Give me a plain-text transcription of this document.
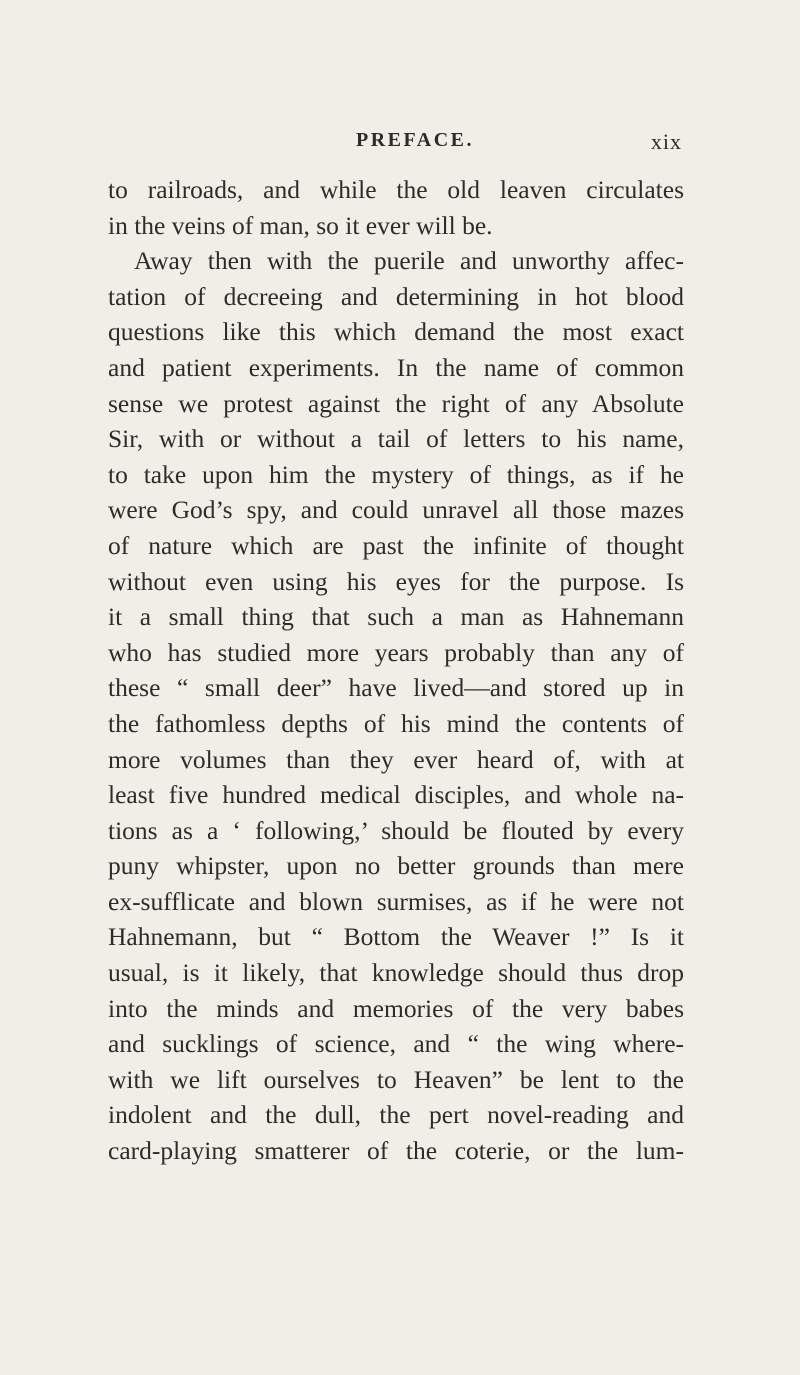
PREFACE.	xix
to railroads, and while the old leaven circulates
in the veins of man, so it ever will be.
Away then with the puerile and unworthy affec-
tation of decreeing and determining in hot blood
questions like this which demand the most exact
and patient experiments. In the name of common
sense we protest against the right of any Absolute
Sir, with or without a tail of letters to his name,
to take upon him the mystery of things, as if he
were God’s spy, and could unravel all those mazes
of nature which are past the infinite of thought
without even using his eyes for the purpose. Is
it a small thing that such a man as Hahnemann
who has studied more years probably than any of
these “ small deer” have lived—and stored up in
the fathomless depths of his mind the contents of
more volumes than they ever heard of, with at
least five hundred medical disciples, and whole na-
tions as a ‘ following,’ should be flouted by every
puny whipster, upon no better grounds than mere
ex-sufflicate and blown surmises, as if he were not
Hahnemann, but “ Bottom the Weaver !” Is it
usual, is it likely, that knowledge should thus drop
into the minds and memories of the very babes
and sucklings of science, and “ the wing where-
with we lift ourselves to Heaven” be lent to the
indolent and the dull, the pert novel-reading and
card-playing smatterer of the coterie, or the lum-
